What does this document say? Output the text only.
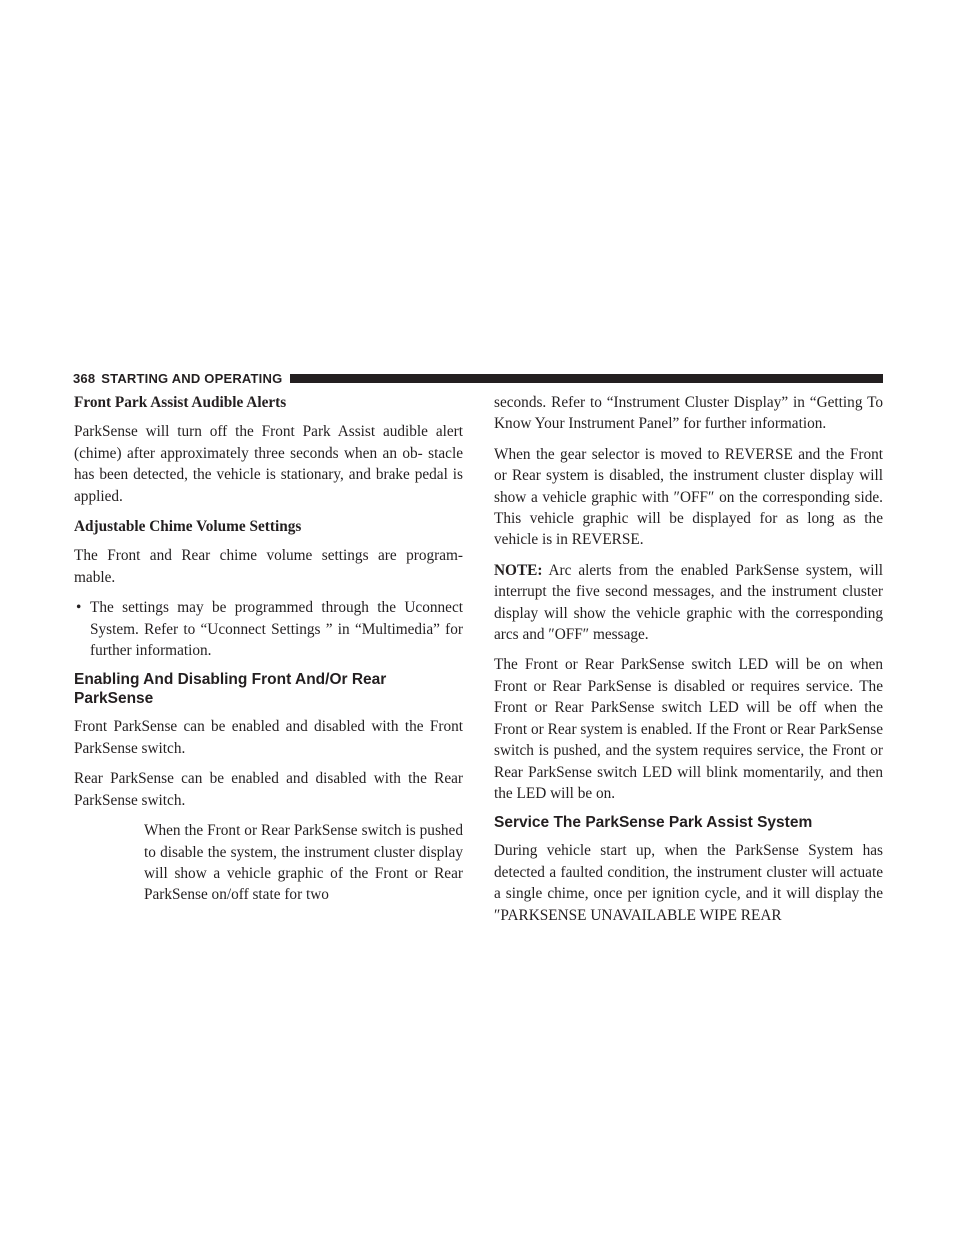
368 STARTING AND OPERATING
Front Park Assist Audible Alerts

ParkSense will turn off the Front Park Assist audible alert (chime) after approximately three seconds when an ob- stacle has been detected, the vehicle is stationary, and brake pedal is applied.

Adjustable Chime Volume Settings

The Front and Rear chime volume settings are program- mable.

• The settings may be programmed through the Uconnect System. Refer to “Uconnect Settings ” in “Multimedia” for further information.
Enabling And Disabling Front And/Or Rear ParkSense

Front ParkSense can be enabled and disabled with the Front ParkSense switch.

Rear ParkSense can be enabled and disabled with the Rear ParkSense switch.

When the Front or Rear ParkSense switch is pushed to disable the system, the instrument cluster display will show a vehicle graphic of the Front or Rear ParkSense on/off state for two

seconds. Refer to “Instrument Cluster Display” in “Getting To Know Your Instrument Panel” for further information.

When the gear selector is moved to REVERSE and the Front or Rear system is disabled, the instrument cluster display will show a vehicle graphic with ″OFF″ on the corresponding side. This vehicle graphic will be displayed for as long as the vehicle is in REVERSE.

NOTE: Arc alerts from the enabled ParkSense system, will interrupt the five second messages, and the instrument cluster display will show the vehicle graphic with the corresponding arcs and ″OFF″ message.

The Front or Rear ParkSense switch LED will be on when Front or Rear ParkSense is disabled or requires service. The Front or Rear ParkSense switch LED will be off when the Front or Rear system is enabled. If the Front or Rear ParkSense switch is pushed, and the system requires service, the Front or Rear ParkSense switch LED will blink momentarily, and then the LED will be on.

Service The ParkSense Park Assist System

During vehicle start up, when the ParkSense System has detected a faulted condition, the instrument cluster will actuate a single chime, once per ignition cycle, and it will display the ″PARKSENSE UNAVAILABLE WIPE REAR
